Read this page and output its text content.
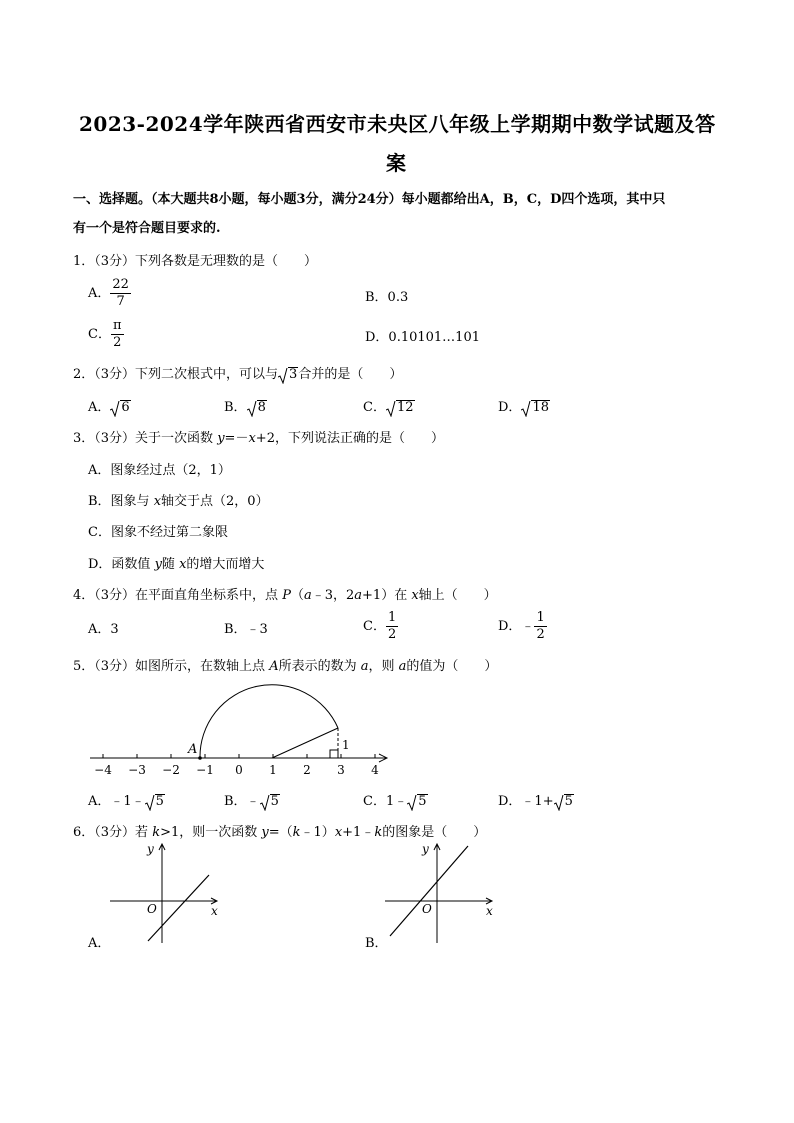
2023-2024学年陕西省西安市未央区八年级上学期期中数学试题及答
案
一、选择题。（本大题共8小题，每小题3分，满分24分）每小题都给出A，B，C，D四个选项，其中只
有一个是符合题目要求的.
1．（3分）下列各数是无理数的是（　　）
A． $\frac{22}{7}$	B．0.3
C． $\frac{\pi}{2}$	D．0.10101…101
2．（3分）下列二次根式中，可以与 3合并的是（　　）
A． 6	B． 8	C． 12	D． 18
3．（3分）关于一次函数 y=－x+2，下列说法正确的是（　　）
A．图象经过点（2，1）
B．图象与 x轴交于点（2，0）
C．图象不经过第二象限
D．函数值 y随 x的增大而增大
4．（3分）在平面直角坐标系中，点 P（a﹣3，2a+1）在 x轴上（　　）
A．3	B．﹣3	C． $\frac{1}{2}$	D．﹣ $\frac{1}{2}$
5．（3分）如图所示，在数轴上点 A所表示的数为 a，则 a的值为（　　）
−4 −3 −2 −1 0 1 2 3 4
A	1
A．﹣1﹣ 5	B．﹣ 5	C．1﹣ 5	D．﹣1+ 5
6．（3分）若 k>1，则一次函数 y=（k﹣1）x+1﹣k的图象是（　　）
y
x
O
A．
y
x
O
B．
